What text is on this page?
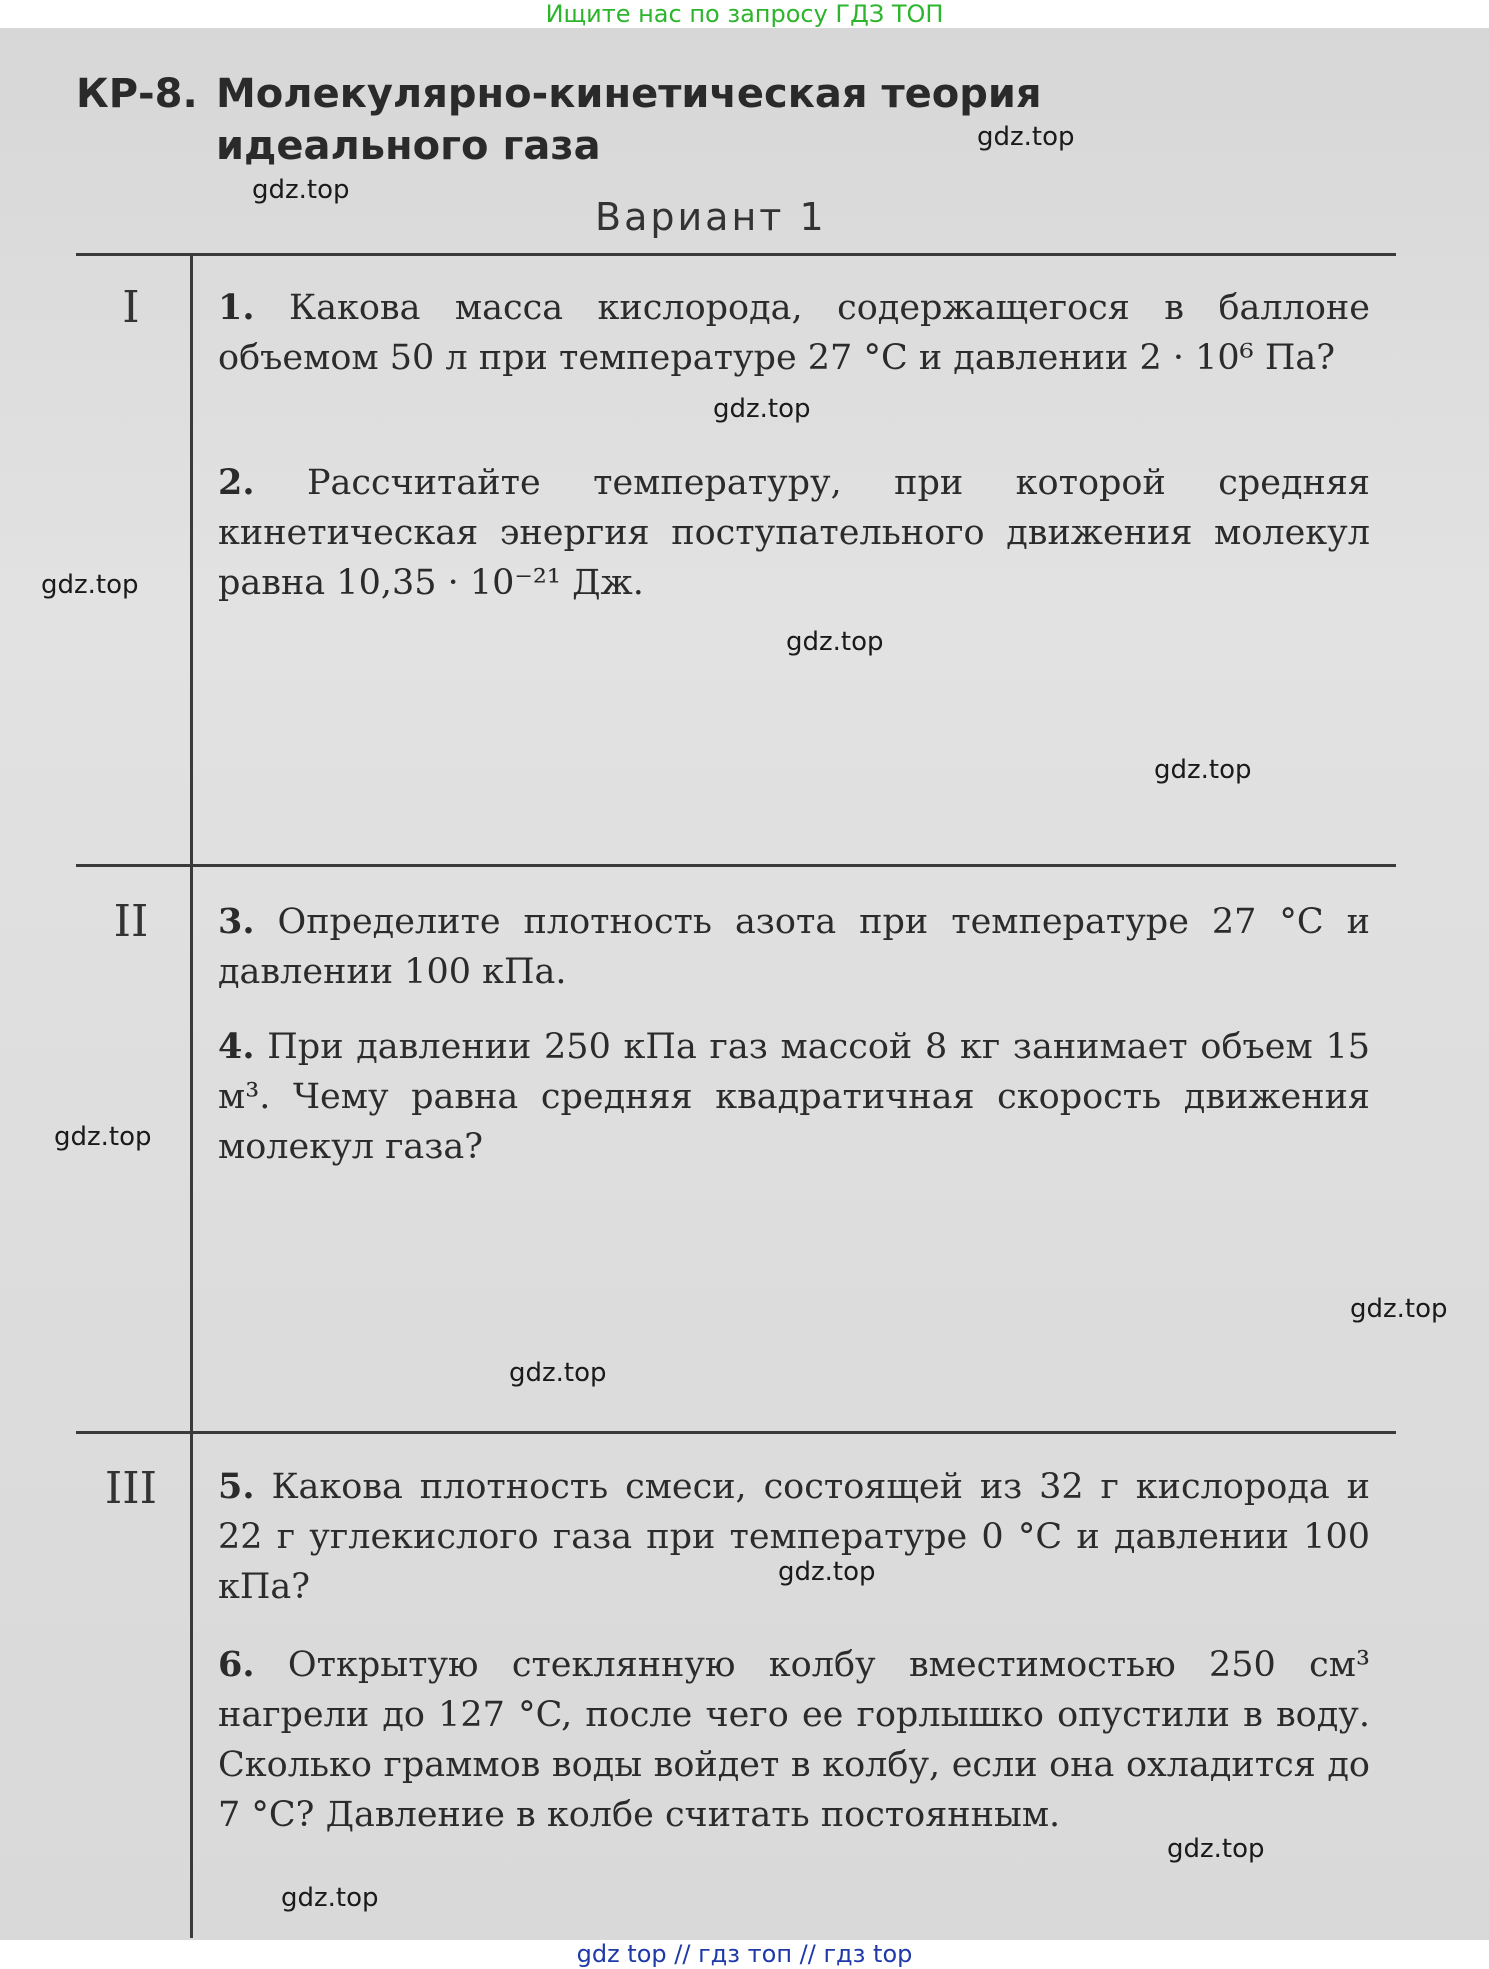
Ищите нас по запросу ГДЗ ТОП
КР-8. Молекулярно-кинетическая теория
идеального газа
Вариант 1
I
II
III
1. Какова масса кислорода, содержащегося в баллоне объемом 50 л при температуре 27 °C и давлении 2 · 10⁶ Па?
2. Рассчитайте температуру, при которой средняя кинетическая энергия поступательного движения молекул равна 10,35 · 10⁻²¹ Дж.
3. Определите плотность азота при температуре 27 °C и давлении 100 кПа.
4. При давлении 250 кПа газ массой 8 кг занимает объем 15 м³. Чему равна средняя квадратичная скорость движения молекул газа?
5. Какова плотность смеси, состоящей из 32 г кислорода и 22 г углекислого газа при температуре 0 °C и давлении 100 кПа?
6. Открытую стеклянную колбу вместимостью 250 см³ нагрели до 127 °C, после чего ее горлышко опустили в воду. Сколько граммов воды войдет в колбу, если она охладится до 7 °C? Давление в колбе считать постоянным.
gdz.top
gdz.top
gdz.top
gdz.top
gdz.top
gdz.top
gdz.top
gdz.top
gdz.top
gdz.top
gdz.top
gdz.top
gdz top // гдз топ // гдз top
